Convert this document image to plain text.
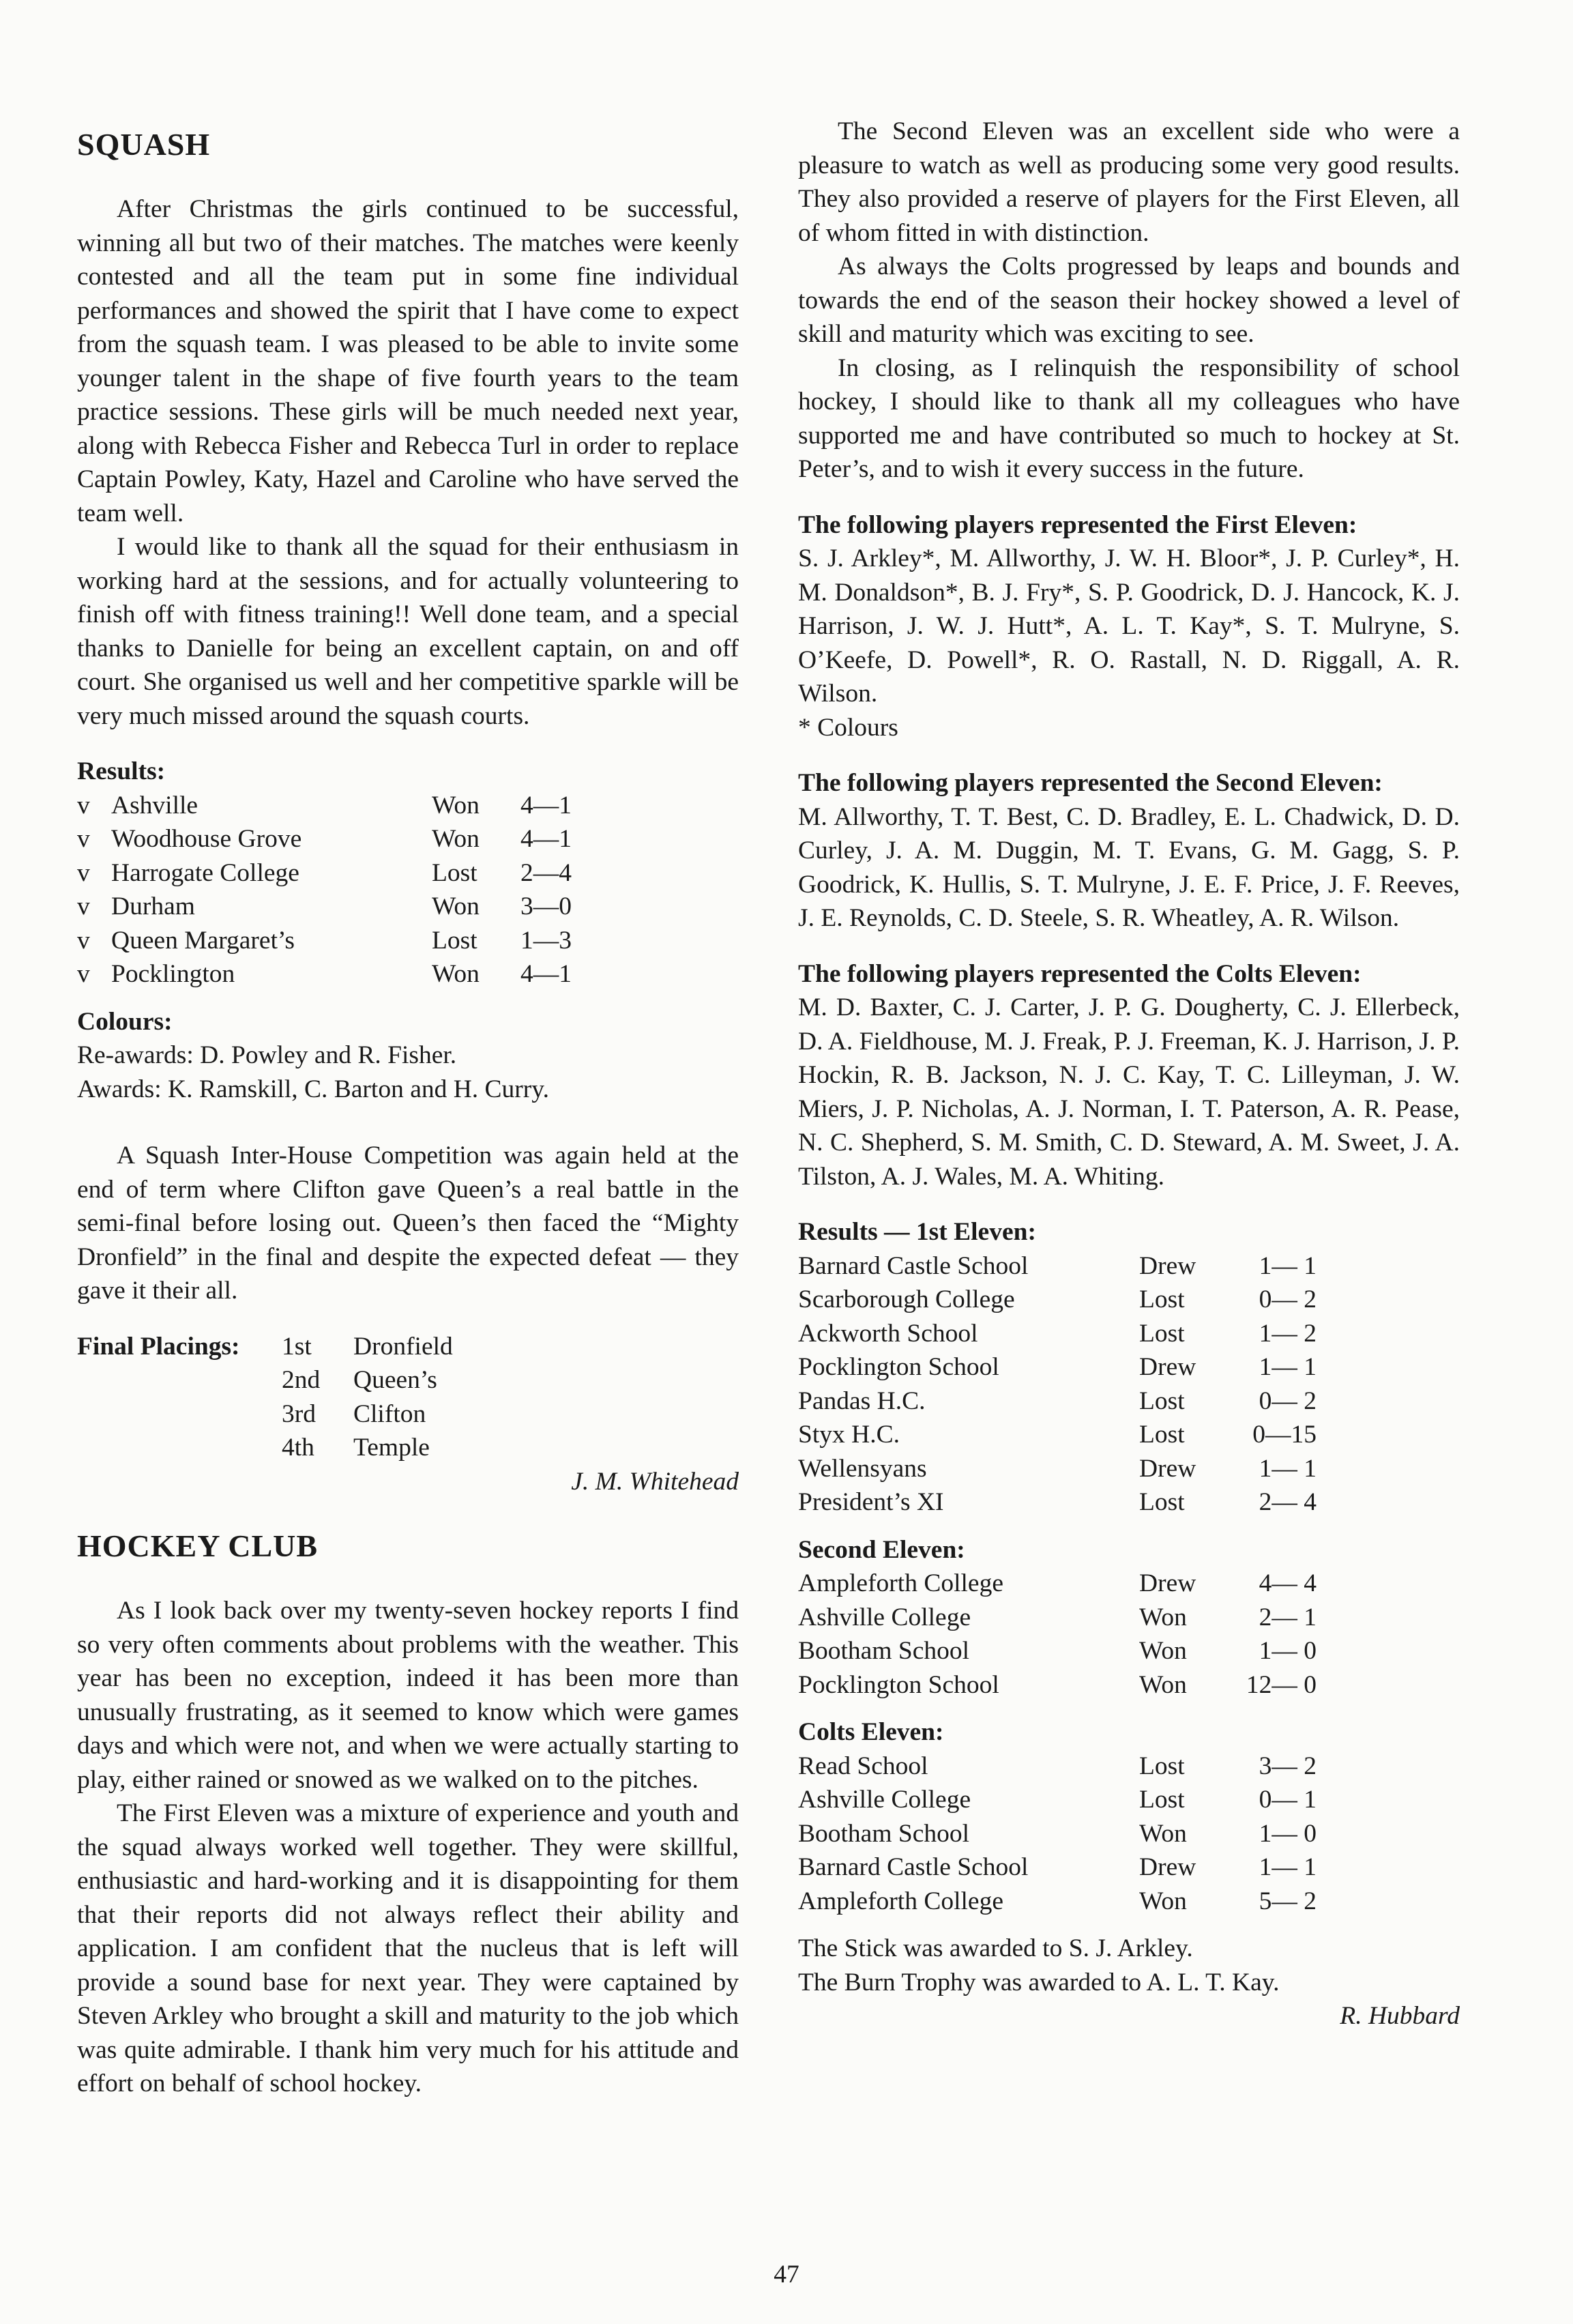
SQUASH

After Christmas the girls continued to be successful, winning all but two of their matches. The matches were keenly contested and all the team put in some fine individual performances and showed the spirit that I have come to expect from the squash team. I was pleased to be able to invite some younger talent in the shape of five fourth years to the team practice sessions. These girls will be much needed next year, along with Rebecca Fisher and Rebecca Turl in order to replace Captain Powley, Katy, Hazel and Caroline who have served the team well.

I would like to thank all the squad for their enthusiasm in working hard at the sessions, and for actually volunteering to finish off with fitness training!! Well done team, and a special thanks to Danielle for being an excellent captain, on and off court. She organised us well and her competitive sparkle will be very much missed around the squash courts.

Results:

v	Ashville	Won	4—1
v	Woodhouse Grove	Won	4—1
v	Harrogate College	Lost	2—4
v	Durham	Won	3—0
v	Queen Margaret’s	Lost	1—3
v	Pocklington	Won	4—1

Colours:

Re-awards: D. Powley and R. Fisher.

Awards: K. Ramskill, C. Barton and H. Curry.

A Squash Inter-House Competition was again held at the end of term where Clifton gave Queen’s a real battle in the semi-final before losing out. Queen’s then faced the “Mighty Dronfield” in the final and despite the expected defeat — they gave it their all.

Final Placings:	1st	Dronfield
	2nd	Queen’s
	3rd	Clifton
	4th	Temple

J. M. Whitehead

HOCKEY CLUB

As I look back over my twenty-seven hockey reports I find so very often comments about problems with the weather. This year has been no exception, indeed it has been more than unusually frustrating, as it seemed to know which were games days and which were not, and when we were actually starting to play, either rained or snowed as we walked on to the pitches.

The First Eleven was a mixture of experience and youth and the squad always worked well together. They were skillful, enthusiastic and hard-working and it is disappointing for them that their reports did not always reflect their ability and application. I am confident that the nucleus that is left will provide a sound base for next year. They were captained by Steven Arkley who brought a skill and maturity to the job which was quite admirable. I thank him very much for his attitude and effort on behalf of school hockey.

The Second Eleven was an excellent side who were a pleasure to watch as well as producing some very good results. They also provided a reserve of players for the First Eleven, all of whom fitted in with distinction.

As always the Colts progressed by leaps and bounds and towards the end of the season their hockey showed a level of skill and maturity which was exciting to see.

In closing, as I relinquish the responsibility of school hockey, I should like to thank all my colleagues who have supported me and have contributed so much to hockey at St. Peter’s, and to wish it every success in the future.

The following players represented the First Eleven:

S. J. Arkley*, M. Allworthy, J. W. H. Bloor*, J. P. Curley*, H. M. Donaldson*, B. J. Fry*, S. P. Goodrick, D. J. Hancock, K. J. Harrison, J. W. J. Hutt*, A. L. T. Kay*, S. T. Mulryne, S. O’Keefe, D. Powell*, R. O. Rastall, N. D. Riggall, A. R. Wilson.

* Colours

The following players represented the Second Eleven:

M. Allworthy, T. T. Best, C. D. Bradley, E. L. Chadwick, D. D. Curley, J. A. M. Duggin, M. T. Evans, G. M. Gagg, S. P. Goodrick, K. Hullis, S. T. Mulryne, J. E. F. Price, J. F. Reeves, J. E. Reynolds, C. D. Steele, S. R. Wheatley, A. R. Wilson.

The following players represented the Colts Eleven:

M. D. Baxter, C. J. Carter, J. P. G. Dougherty, C. J. Ellerbeck, D. A. Fieldhouse, M. J. Freak, P. J. Freeman, K. J. Harrison, J. P. Hockin, R. B. Jackson, N. J. C. Kay, T. C. Lilleyman, J. W. Miers, J. P. Nicholas, A. J. Norman, I. T. Paterson, A. R. Pease, N. C. Shepherd, S. M. Smith, C. D. Steward, A. M. Sweet, J. A. Tilston, A. J. Wales, M. A. Whiting.

Results — 1st Eleven:

Barnard Castle School	Drew	1— 1
Scarborough College	Lost	0— 2
Ackworth School	Lost	1— 2
Pocklington School	Drew	1— 1
Pandas H.C.	Lost	0— 2
Styx H.C.	Lost	0—15
Wellensyans	Drew	1— 1
President’s XI	Lost	2— 4

Second Eleven:

Ampleforth College	Drew	4— 4
Ashville College	Won	2— 1
Bootham School	Won	1— 0
Pocklington School	Won	12— 0

Colts Eleven:

Read School	Lost	3— 2
Ashville College	Lost	0— 1
Bootham School	Won	1— 0
Barnard Castle School	Drew	1— 1
Ampleforth College	Won	5— 2

The Stick was awarded to S. J. Arkley.

The Burn Trophy was awarded to A. L. T. Kay.

R. Hubbard

47
